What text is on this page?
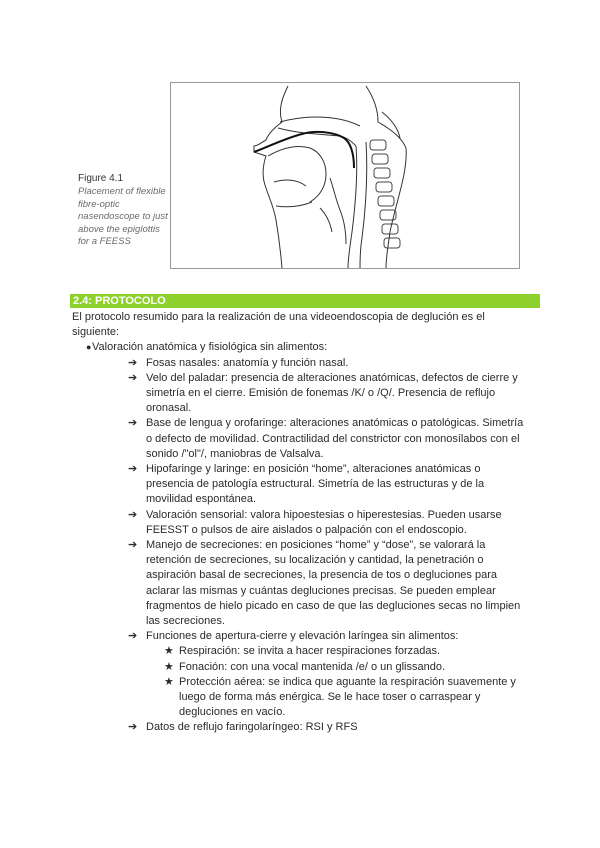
Figure 4.1
Placement of flexible fibre-optic nasendoscope to just above the epiglottis for a FEESS
2.4: PROTOCOLO

El protocolo resumido para la realización de una videoendoscopia de deglución es el siguiente:

● Valoración anatómica y fisiológica sin alimentos:
➔ Fosas nasales: anatomía y función nasal.
➔ Velo del paladar: presencia de alteraciones anatómicas, defectos de cierre y simetría en el cierre. Emisión de fonemas /K/ o /Q/. Presencia de reflujo oronasal.
➔ Base de lengua y orofaringe: alteraciones anatómicas o patológicas. Simetría o defecto de movilidad. Contractilidad del constrictor con monosílabos con el sonido /"ol"/, maniobras de Valsalva.
➔ Hipofaringe y laringe: en posición “home”, alteraciones anatómicas o presencia de patología estructural. Simetría de las estructuras y de la movilidad espontánea.
➔ Valoración sensorial: valora hipoestesias o hiperestesias. Pueden usarse FEESST o pulsos de aire aislados o palpación con el endoscopio.
➔ Manejo de secreciones: en posiciones “home” y “dose”, se valorará la retención de secreciones, su localización y cantidad, la penetración o aspiración basal de secreciones, la presencia de tos o degluciones para aclarar las mismas y cuántas degluciones precisas. Se pueden emplear fragmentos de hielo picado en caso de que las degluciones secas no limpien las secreciones.
➔ Funciones de apertura-cierre y elevación laríngea sin alimentos:
★ Respiración: se invita a hacer respiraciones forzadas.
★ Fonación: con una vocal mantenida /e/ o un glissando.
★ Protección aérea: se indica que aguante la respiración suavemente y luego de forma más enérgica. Se le hace toser o carraspear y degluciones en vacío.
➔ Datos de reflujo faringolaríngeo: RSI y RFS
